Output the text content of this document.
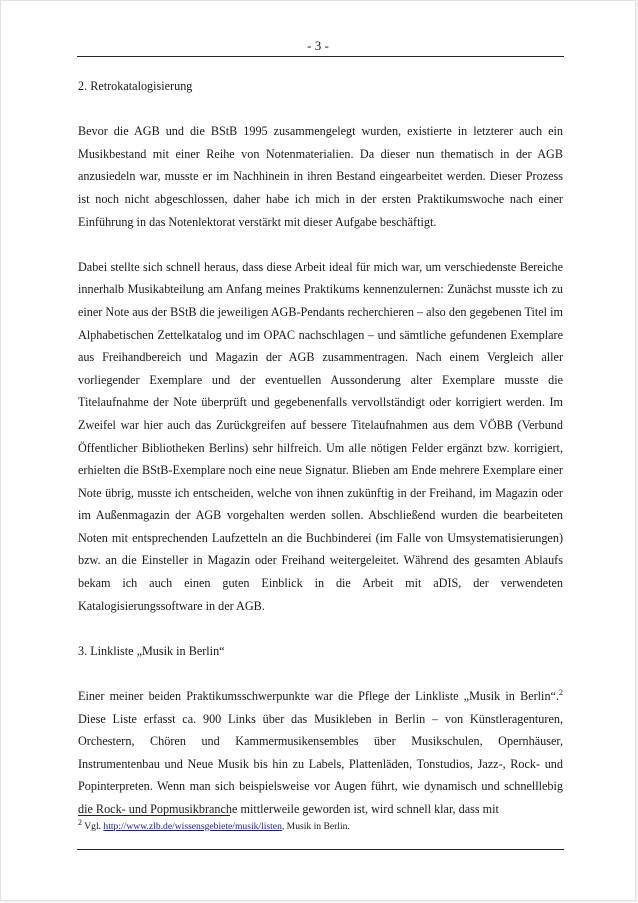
- 3 -

2. Retrokatalogisierung

Bevor die AGB und die BStB 1995 zusammengelegt wurden, existierte in letzterer auch ein Musikbestand mit einer Reihe von Notenmaterialien. Da dieser nun thematisch in der AGB anzusiedeln war, musste er im Nachhinein in ihren Bestand eingearbeitet werden. Dieser Prozess ist noch nicht abgeschlossen, daher habe ich mich in der ersten Praktikumswoche nach einer Einführung in das Notenlektorat verstärkt mit dieser Aufgabe beschäftigt.

Dabei stellte sich schnell heraus, dass diese Arbeit ideal für mich war, um verschiedenste Bereiche innerhalb Musikabteilung am Anfang meines Praktikums kennenzulernen: Zunächst musste ich zu einer Note aus der BStB die jeweiligen AGB-Pendants recherchieren – also den gegebenen Titel im Alphabetischen Zettelkatalog und im OPAC nachschlagen – und sämtliche gefundenen Exemplare aus Freihandbereich und Magazin der AGB zusammentragen. Nach einem Vergleich aller vorliegender Exemplare und der eventuellen Aussonderung alter Exemplare musste die Titelaufnahme der Note überprüft und gegebenenfalls vervollständigt oder korrigiert werden. Im Zweifel war hier auch das Zurückgreifen auf bessere Titelaufnahmen aus dem VÖBB (Verbund Öffentlicher Bibliotheken Berlins) sehr hilfreich. Um alle nötigen Felder ergänzt bzw. korrigiert, erhielten die BStB-Exemplare noch eine neue Signatur. Blieben am Ende mehrere Exemplare einer Note übrig, musste ich entscheiden, welche von ihnen zukünftig in der Freihand, im Magazin oder im Außenmagazin der AGB vorgehalten werden sollen. Abschließend wurden die bearbeiteten Noten mit entsprechenden Laufzetteln an die Buchbinderei (im Falle von Umsystematisierungen) bzw. an die Einsteller in Magazin oder Freihand weitergeleitet. Während des gesamten Ablaufs bekam ich auch einen guten Einblick in die Arbeit mit aDIS, der verwendeten Katalogisierungssoftware in der AGB.

3. Linkliste „Musik in Berlin“

Einer meiner beiden Praktikumsschwerpunkte war die Pflege der Linkliste „Musik in Berlin“.$^2$ Diese Liste erfasst ca. 900 Links über das Musikleben in Berlin – von Künstleragenturen, Orchestern, Chören und Kammermusikensembles über Musikschulen, Opernhäuser, Instrumentenbau und Neue Musik bis hin zu Labels, Plattenläden, Tonstudios, Jazz-, Rock- und Popinterpreten. Wenn man sich beispielsweise vor Augen führt, wie dynamisch und schnelllebig die Rock- und Popmusikbranche mittlerweile geworden ist, wird schnell klar, dass mit

$^2$ Vgl. http://www.zlb.de/wissensgebiete/musik/listen, Musik in Berlin.
